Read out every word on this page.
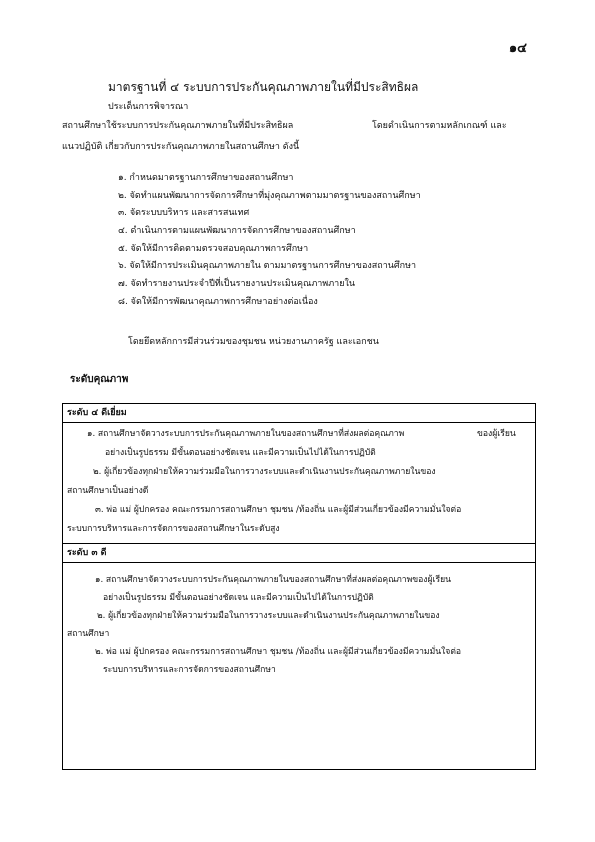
๑๔
มาตรฐานที่ ๔ ระบบการประกันคุณภาพภายในที่มีประสิทธิผล
ประเด็นการพิจารณา
สถานศึกษาใช้ระบบการประกันคุณภาพภายในที่มีประสิทธิผล	โดยดำเนินการตามหลักเกณฑ์ และ
แนวปฏิบัติ เกี่ยวกับการประกันคุณภาพภายในสถานศึกษา ดังนี้
๑. กำหนดมาตรฐานการศึกษาของสถานศึกษา
๒. จัดทำแผนพัฒนาการจัดการศึกษาที่มุ่งคุณภาพตามมาตรฐานของสถานศึกษา
๓. จัดระบบบริหาร และสารสนเทศ
๔. ดำเนินการตามแผนพัฒนาการจัดการศึกษาของสถานศึกษา
๕. จัดให้มีการติดตามตรวจสอบคุณภาพการศึกษา
๖. จัดให้มีการประเมินคุณภาพภายใน ตามมาตรฐานการศึกษาของสถานศึกษา
๗. จัดทำรายงานประจำปีที่เป็นรายงานประเมินคุณภาพภายใน
๘. จัดให้มีการพัฒนาคุณภาพการศึกษาอย่างต่อเนื่อง
โดยยึดหลักการมีส่วนร่วมของชุมชน หน่วยงานภาครัฐ และเอกชน
ระดับคุณภาพ
ระดับ ๔ ดีเยี่ยม
๑. สถานศึกษาจัดวางระบบการประกันคุณภาพภายในของสถานศึกษาที่ส่งผลต่อคุณภาพ	ของผู้เรียน
อย่างเป็นรูปธรรม มีขั้นตอนอย่างชัดเจน และมีความเป็นไปได้ในการปฏิบัติ
๒. ผู้เกี่ยวข้องทุกฝ่ายให้ความร่วมมือในการวางระบบและดำเนินงานประกันคุณภาพภายในของ
สถานศึกษาเป็นอย่างดี
๓. พ่อ แม่ ผู้ปกครอง คณะกรรมการสถานศึกษา ชุมชน /ท้องถิ่น และผู้มีส่วนเกี่ยวข้องมีความมั่นใจต่อ
ระบบการบริหารและการจัดการของสถานศึกษาในระดับสูง
ระดับ ๓ ดี
๑. สถานศึกษาจัดวางระบบการประกันคุณภาพภายในของสถานศึกษาที่ส่งผลต่อคุณภาพของผู้เรียน
อย่างเป็นรูปธรรม มีขั้นตอนอย่างชัดเจน และมีความเป็นไปได้ในการปฏิบัติ
๒. ผู้เกี่ยวข้องทุกฝ่ายให้ความร่วมมือในการวางระบบและดำเนินงานประกันคุณภาพภายในของ
สถานศึกษา
๒. พ่อ แม่ ผู้ปกครอง คณะกรรมการสถานศึกษา ชุมชน /ท้องถิ่น และผู้มีส่วนเกี่ยวข้องมีความมั่นใจต่อ
ระบบการบริหารและการจัดการของสถานศึกษา
